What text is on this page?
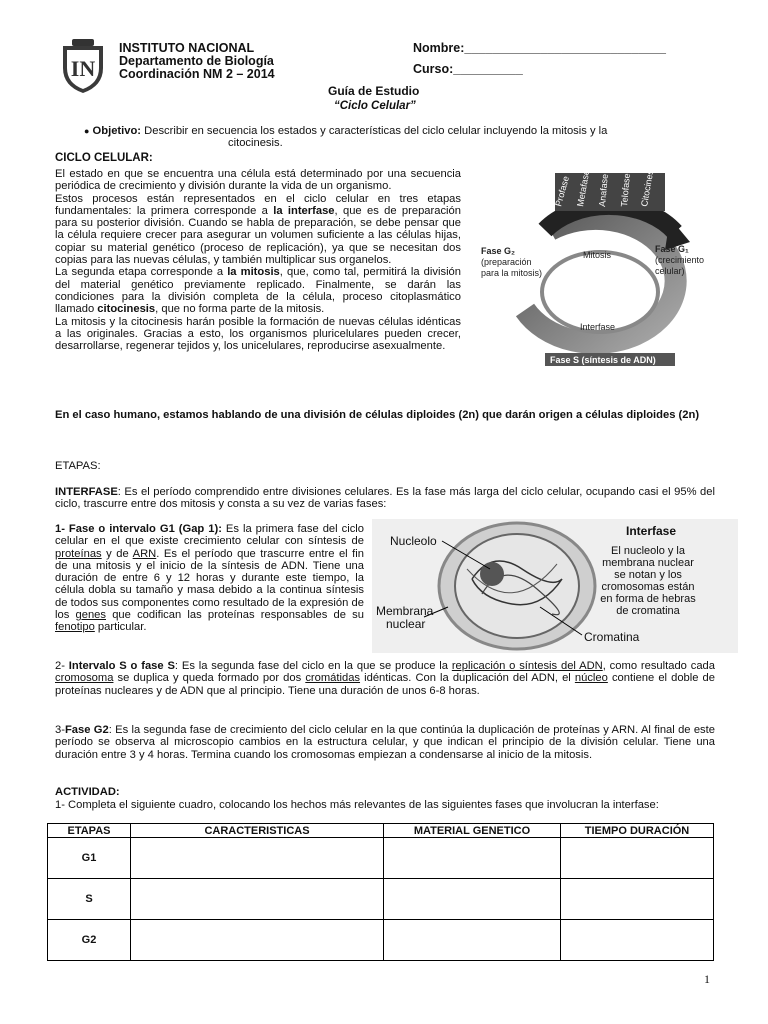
IN
INSTITUTO NACIONAL
Departamento de Biología
Coordinación NM 2 – 2014
Nombre:_____________________________
Curso:__________
Guía de Estudio
“Ciclo Celular”
● Objetivo: Describir en secuencia los estados y características del ciclo celular incluyendo la mitosis y la
citocinesis.
CICLO CELULAR:

El estado en que se encuentra una célula está determinado por una secuencia periódica de crecimiento y división durante la vida de un organismo.

Estos procesos están representados en el ciclo celular en tres etapas fundamentales: la primera corresponde a la interfase, que es de preparación para su posterior división. Cuando se habla de preparación, se debe pensar que la célula requiere crecer para asegurar un volumen suficiente a las células hijas, copiar su material genético (proceso de replicación), ya que se necesitan dos copias para las nuevas células, y también multiplicar sus organelos.

La segunda etapa corresponde a la mitosis, que, como tal, permitirá la división del material genético previamente replicado. Finalmente, se darán las condiciones para la división completa de la célula, proceso citoplasmático llamado citocinesis, que no forma parte de la mitosis.

La mitosis y la citocinesis harán posible la formación de nuevas células idénticas a las originales. Gracias a esto, los organismos pluricelulares pueden crecer, desarrollarse, regenerar tejidos y, los unicelulares, reproducirse asexualmente.

Profase Metafase Anafase Telofase Citocinesis
Fase G₂
(preparación
para la mitosis)
Fase G₁
(crecimiento
celular)
Mitosis
Interfase
Fase S (síntesis de ADN)
En el caso humano, estamos hablando de una división de células diploides (2n) que darán origen a células diploides (2n)
ETAPAS:
INTERFASE: Es el período comprendido entre divisiones celulares. Es la fase más larga del ciclo celular, ocupando casi el 95% del ciclo, trascurre entre dos mitosis y consta a su vez de varias fases:
1- Fase o intervalo G1 (Gap 1): Es la primera fase del ciclo celular en el que existe crecimiento celular con síntesis de proteínas y de ARN. Es el período que trascurre entre el fin de una mitosis y el inicio de la síntesis de ADN. Tiene una duración de entre 6 y 12 horas y durante este tiempo, la célula dobla su tamaño y masa debido a la continua síntesis de todos sus componentes como resultado de la expresión de los genes que codifican las proteínas responsables de su fenotipo particular.
Nucleolo
Interfase
El nucleolo y la
membrana nuclear
se notan y los
cromosomas están
en forma de hebras
de cromatina
Membrana
nuclear
Cromatina
2- Intervalo S o fase S: Es la segunda fase del ciclo en la que se produce la replicación o síntesis del ADN, como resultado cada cromosoma se duplica y queda formado por dos cromátidas idénticas. Con la duplicación del ADN, el núcleo contiene el doble de proteínas nucleares y de ADN que al principio. Tiene una duración de unos 6-8 horas.
3-Fase G2: Es la segunda fase de crecimiento del ciclo celular en la que continúa la duplicación de proteínas y ARN. Al final de este período se observa al microscopio cambios en la estructura celular, y que indican el principio de la división celular. Tiene una duración entre 3 y 4 horas. Termina cuando los cromosomas empiezan a condensarse al inicio de la mitosis.
ACTIVIDAD:
1- Completa el siguiente cuadro, colocando los hechos más relevantes de las siguientes fases que involucran la interfase:
ETAPAS	CARACTERISTICAS	MATERIAL GENETICO	TIEMPO DURACIÓN
G1			
S			
G2			
1
